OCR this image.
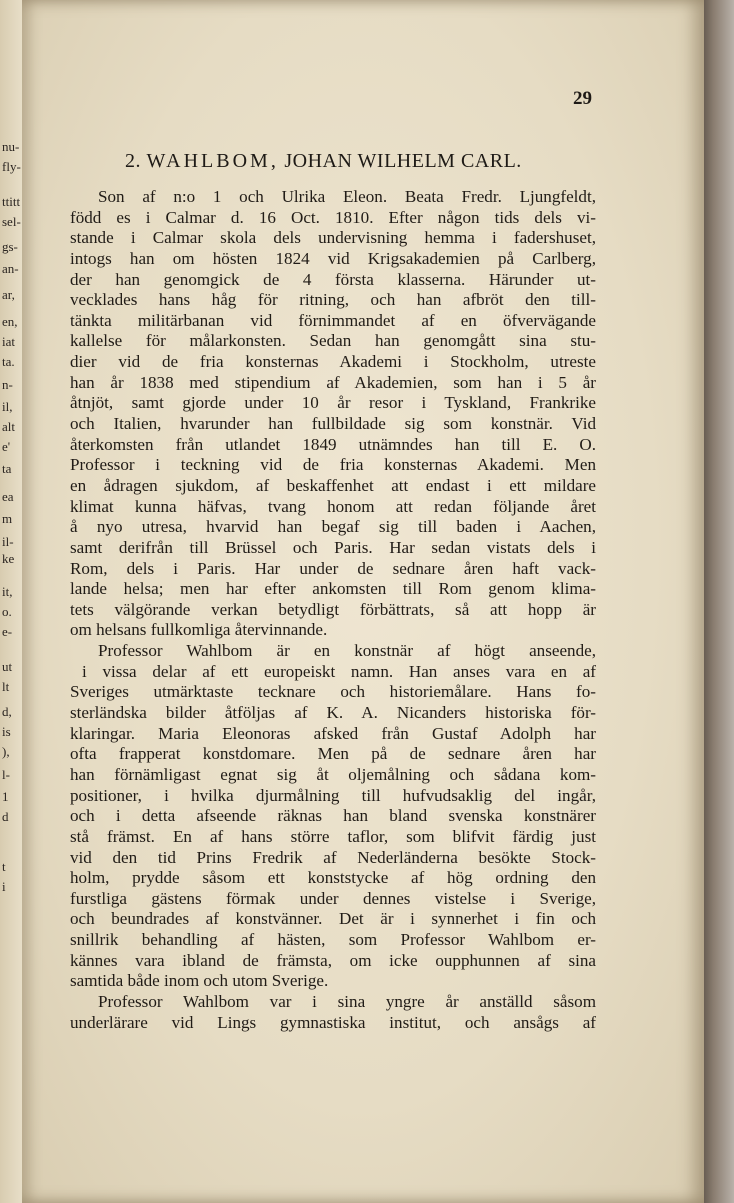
nu-
fly-
ttitt
sel-
gs-
an-
ar,
en,
iat
ta.
n-
il,
alt
e'
ta
ea
m
il-
ke
it,
o.
e-
ut
lt
d,
is
),
l-
1
d
t
i
29
2. WAHLBOM, JOHAN WILHELM CARL.
Son af n:o 1 och Ulrika Eleon. Beata Fredr. Ljungfeldt,
född es i Calmar d. 16 Oct. 1810. Efter någon tids dels vi-
stande i Calmar skola dels undervisning hemma i fadershuset,
intogs han om hösten 1824 vid Krigsakademien på Carlberg,
der han genomgick de 4 första klasserna. Härunder ut-
vecklades hans håg för ritning, och han afbröt den till-
tänkta militärbanan vid förnimmandet af en öfvervägande
kallelse för målarkonsten. Sedan han genomgått sina stu-
dier vid de fria konsternas Akademi i Stockholm, utreste
han år 1838 med stipendium af Akademien, som han i 5 år
åtnjöt, samt gjorde under 10 år resor i Tyskland, Frankrike
och Italien, hvarunder han fullbildade sig som konstnär. Vid
återkomsten från utlandet 1849 utnämndes han till E. O.
Professor i teckning vid de fria konsternas Akademi. Men
en ådragen sjukdom, af beskaffenhet att endast i ett mildare
klimat kunna häfvas, tvang honom att redan följande året
å nyo utresa, hvarvid han begaf sig till baden i Aachen,
samt derifrån till Brüssel och Paris. Har sedan vistats dels i
Rom, dels i Paris. Har under de sednare åren haft vack-
lande helsa; men har efter ankomsten till Rom genom klima-
tets välgörande verkan betydligt förbättrats, så att hopp är
om helsans fullkomliga återvinnande.
Professor Wahlbom är en konstnär af högt anseende,
i vissa delar af ett europeiskt namn. Han anses vara en af
Sveriges utmärktaste tecknare och historiemålare. Hans fo-
sterländska bilder åtföljas af K. A. Nicanders historiska för-
klaringar. Maria Eleonoras afsked från Gustaf Adolph har
ofta frapperat konstdomare. Men på de sednare åren har
han förnämligast egnat sig åt oljemålning och sådana kom-
positioner, i hvilka djurmålning till hufvudsaklig del ingår,
och i detta afseende räknas han bland svenska konstnärer
stå främst. En af hans större taflor, som blifvit färdig just
vid den tid Prins Fredrik af Nederländerna besökte Stock-
holm, prydde såsom ett konststycke af hög ordning den
furstliga gästens förmak under dennes vistelse i Sverige,
och beundrades af konstvänner. Det är i synnerhet i fin och
snillrik behandling af hästen, som Professor Wahlbom er-
kännes vara ibland de främsta, om icke oupphunnen af sina
samtida både inom och utom Sverige.
Professor Wahlbom var i sina yngre år anställd såsom
underlärare vid Lings gymnastiska institut, och ansågs af
